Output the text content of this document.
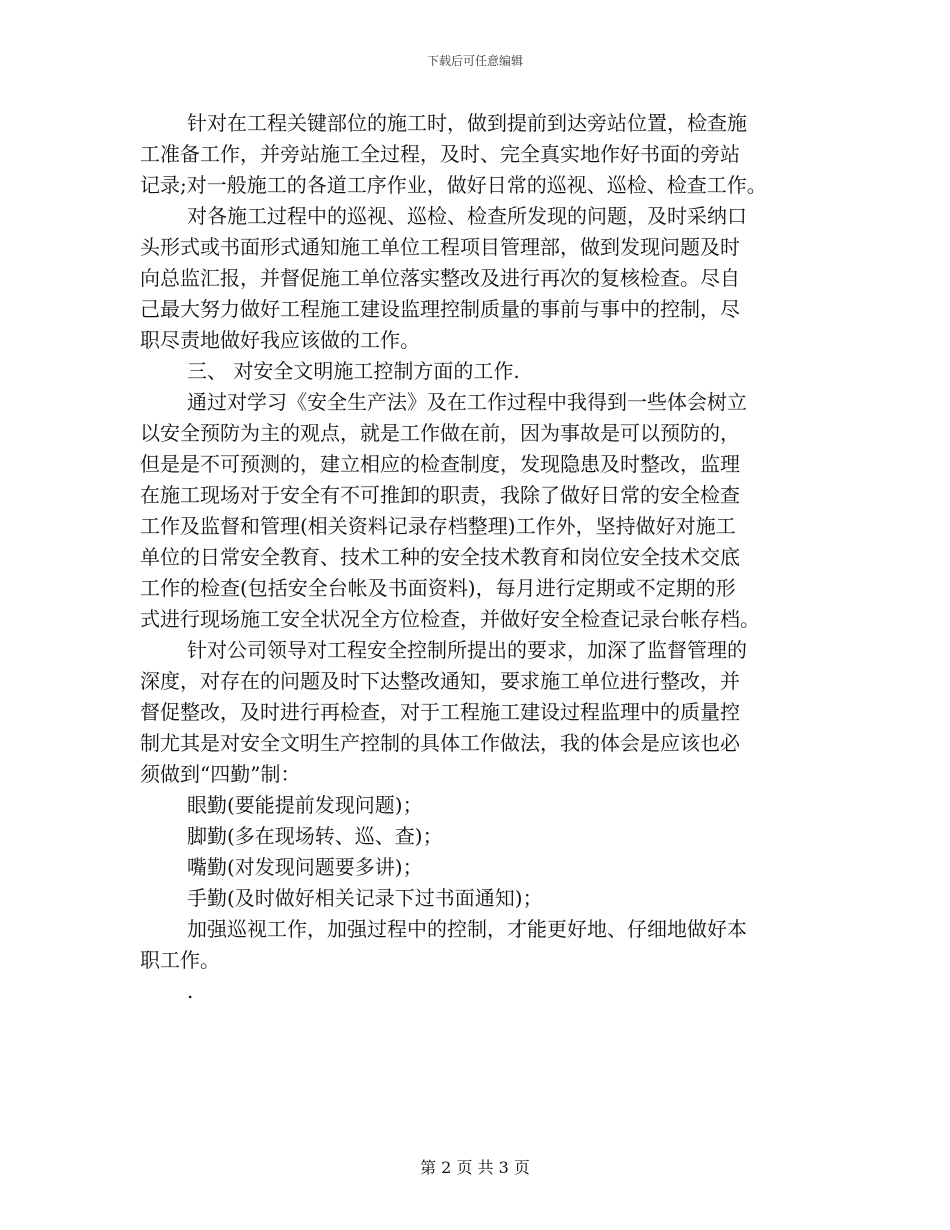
下载后可任意编辑

针对在工程关键部位的施工时，做到提前到达旁站位置，检查施

工准备工作，并旁站施工全过程，及时、完全真实地作好书面的旁站

记录;对一般施工的各道工序作业，做好日常的巡视、巡检、检查工作。

对各施工过程中的巡视、巡检、检查所发现的问题，及时采纳口

头形式或书面形式通知施工单位工程项目管理部，做到发现问题及时

向总监汇报，并督促施工单位落实整改及进行再次的复核检查。尽自

己最大努力做好工程施工建设监理控制质量的事前与事中的控制，尽

职尽责地做好我应该做的工作。

三、 对安全文明施工控制方面的工作.

通过对学习《安全生产法》及在工作过程中我得到一些体会树立

以安全预防为主的观点，就是工作做在前，因为事故是可以预防的，

但是是不可预测的，建立相应的检查制度，发现隐患及时整改，监理

在施工现场对于安全有不可推卸的职责，我除了做好日常的安全检查

工作及监督和管理(相关资料记录存档整理)工作外，坚持做好对施工

单位的日常安全教育、技术工种的安全技术教育和岗位安全技术交底

工作的检查(包括安全台帐及书面资料)，每月进行定期或不定期的形

式进行现场施工安全状况全方位检查，并做好安全检查记录台帐存档。

针对公司领导对工程安全控制所提出的要求，加深了监督管理的

深度，对存在的问题及时下达整改通知，要求施工单位进行整改，并

督促整改，及时进行再检查，对于工程施工建设过程监理中的质量控

制尤其是对安全文明生产控制的具体工作做法，我的体会是应该也必

须做到“四勤”制：

眼勤(要能提前发现问题)；

脚勤(多在现场转、巡、查)；

嘴勤(对发现问题要多讲)；

手勤(及时做好相关记录下过书面通知)；

加强巡视工作，加强过程中的控制，才能更好地、仔细地做好本

职工作。

.

第 2 页 共 3 页
